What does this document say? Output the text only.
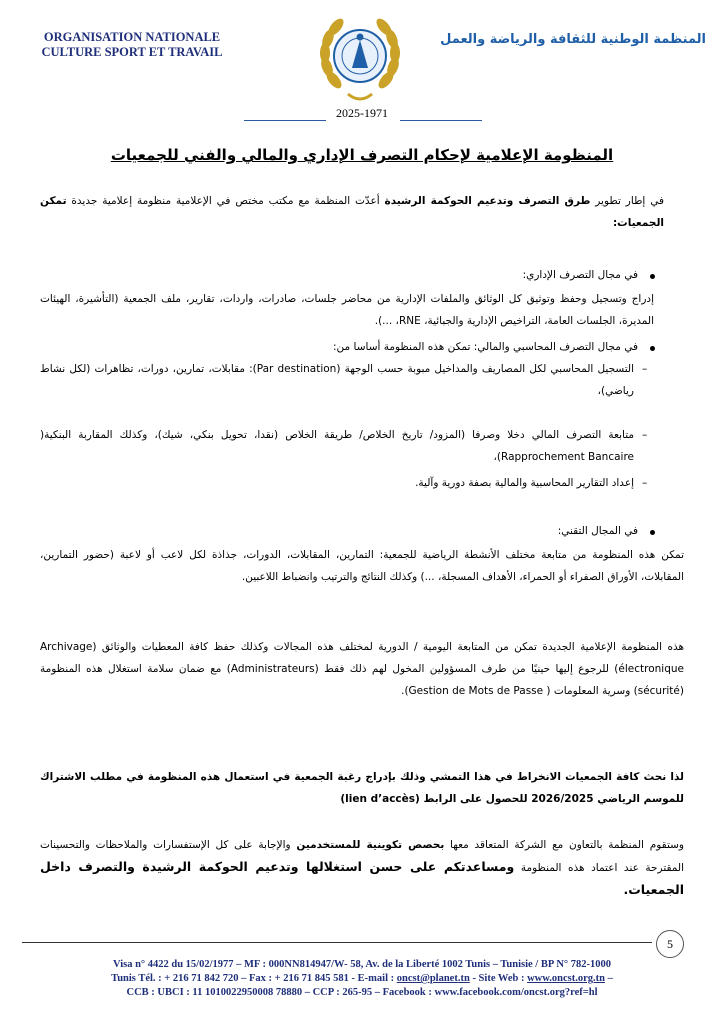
ORGANISATION NATIONALE
CULTURE SPORT ET TRAVAIL
المنظمة الوطنية للثقافة والرياضة والعمل
2025-1971
المنظومة الإعلامية لإحكام التصرف الإداري والمالي والفني للجمعيات
في إطار تطوير طرق التصرف وتدعيم الحوكمة الرشيدة أعدّت المنظمة مع مكتب مختص في الإعلامية منظومة إعلامية جديدة تمكن الجمعيات:
في مجال التصرف الإداري:
إدراج وتسجيل وحفظ وتوثيق كل الوثائق والملفات الإدارية من محاضر جلسات، صادرات، واردات، تقارير، ملف الجمعية (التأشيرة، الهيئات المديرة، الجلسات العامة، التراخيص الإدارية والجبائية، RNE، ...).
في مجال التصرف المحاسبي والمالي: تمكن هذه المنظومة أساسا من:
–
التسجيل المحاسبي لكل المصاريف والمداخيل مبوبة حسب الوجهة (Par destination): مقابلات، تمارين، دورات، تظاهرات (لكل نشاط رياضي)،
–
متابعة التصرف المالي دخلا وصرفا (المزود/ تاريخ الخلاص/ طريقة الخلاص (نقدا، تحويل بنكي، شيك)، وكذلك المقاربة البنكية( Rapprochement Bancaire)،
–
إعداد التقارير المحاسبية والمالية بصفة دورية وآلية.
في المجال التقني:
تمكن هذه المنظومة من متابعة مختلف الأنشطة الرياضية للجمعية: التمارين، المقابلات، الدورات، جذاذة لكل لاعب أو لاعبة (حضور التمارين، المقابلات، الأوراق الصفراء أو الحمراء، الأهداف المسجلة، ...) وكذلك النتائج والترتيب وانضباط اللاعبين.
هذه المنظومة الإعلامية الجديدة تمكن من المتابعة اليومية / الدورية لمختلف هذه المجالات وكذلك حفظ كافة المعطيات والوثائق (Archivage électronique) للرجوع إليها حينيًا من طرف المسؤولين المخول لهم ذلك فقط (Administrateurs) مع ضمان سلامة استغلال هذه المنظومة (sécurité) وسرية المعلومات ( Gestion de Mots de Passe).
لذا نحث كافة الجمعيات الانخراط في هذا التمشي وذلك بإدراج رغبة الجمعية في استعمال هذه المنظومة في مطلب الاشتراك للموسم الرياضي 2026/2025 للحصول على الرابط (lien d’accès)
وستقوم المنظمة بالتعاون مع الشركة المتعاقد معها بحصص تكوينية للمستخدمين والإجابة على كل الإستفسارات والملاحظات والتحسينات المقترحة عند اعتماد هذه المنظومة ومساعدتكم على حسن استغلالها وتدعيم الحوكمة الرشيدة والتصرف داخل الجمعيات.
5
Visa n° 4422 du 15/02/1977 – MF : 000NN814947/W- 58, Av. de la Liberté 1002 Tunis – Tunisie / BP N° 782-1000
Tunis Tél. : + 216 71 842 720 – Fax : + 216 71 845 581 - E-mail : oncst@planet.tn - Site Web : www.oncst.org.tn –
CCB : UBCI : 11 1010022950008 78880 – CCP : 265-95 – Facebook : www.facebook.com/oncst.org?ref=hl
